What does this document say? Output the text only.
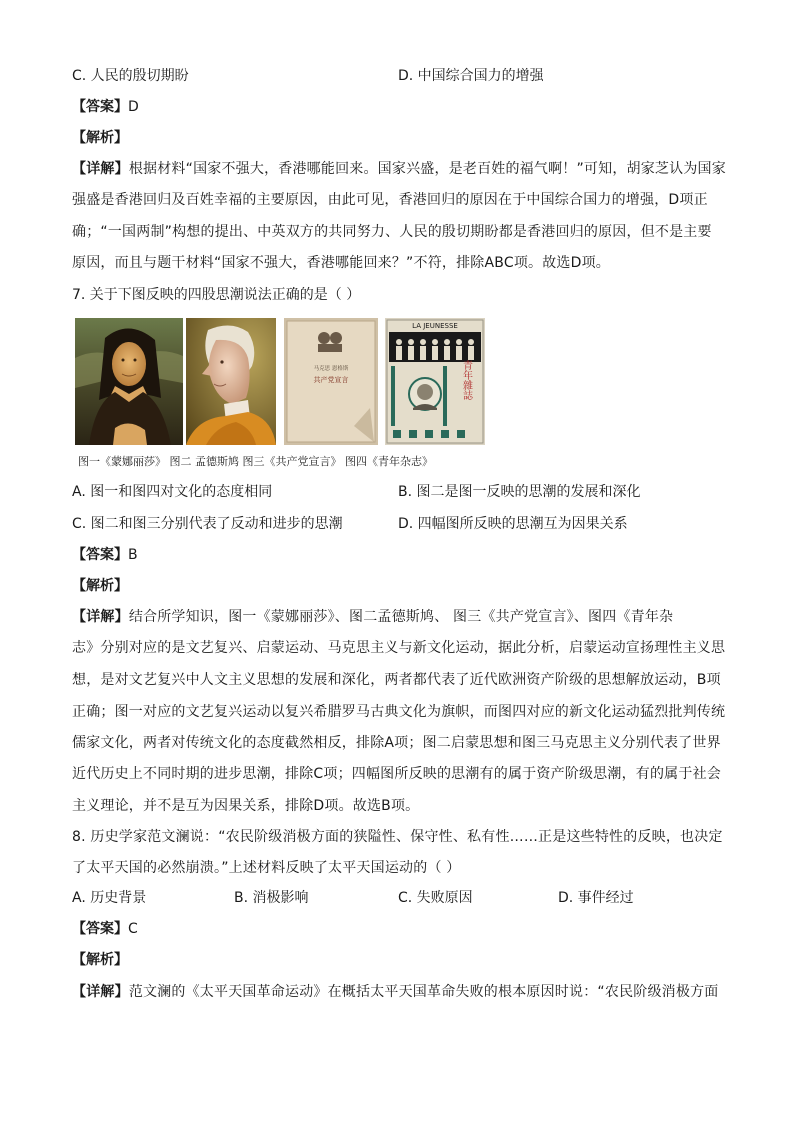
C. 人民的殷切期盼	D. 中国综合国力的增强
【答案】D
【解析】
【详解】根据材料“国家不强大，香港哪能回来。国家兴盛，是老百姓的福气啊！”可知，胡家芝认为国家
强盛是香港回归及百姓幸福的主要原因，由此可见，香港回归的原因在于中国综合国力的增强，D项正
确；“一国两制”构想的提出、中英双方的共同努力、人民的殷切期盼都是香港回归的原因，但不是主要
原因，而且与题干材料“国家不强大，香港哪能回来？”不符，排除ABC项。故选D项。
7. 关于下图反映的四股思潮说法正确的是（ ）
马克思 恩格斯
共产党宣言
LA JEUNESSE
青年雜誌
图一《蒙娜丽莎》 图二 孟德斯鸠 图三《共产党宣言》 图四《青年杂志》
A. 图一和图四对文化的态度相同	B. 图二是图一反映的思潮的发展和深化
C. 图二和图三分别代表了反动和进步的思潮	D. 四幅图所反映的思潮互为因果关系
【答案】B
【解析】
【详解】结合所学知识，图一《蒙娜丽莎》、图二孟德斯鸠、 图三《共产党宣言》、图四《青年杂
志》分别对应的是文艺复兴、启蒙运动、马克思主义与新文化运动，据此分析，启蒙运动宣扬理性主义思
想，是对文艺复兴中人文主义思想的发展和深化，两者都代表了近代欧洲资产阶级的思想解放运动，B项
正确；图一对应的文艺复兴运动以复兴希腊罗马古典文化为旗帜，而图四对应的新文化运动猛烈批判传统
儒家文化，两者对传统文化的态度截然相反，排除A项；图二启蒙思想和图三马克思主义分别代表了世界
近代历史上不同时期的进步思潮，排除C项；四幅图所反映的思潮有的属于资产阶级思潮，有的属于社会
主义理论，并不是互为因果关系，排除D项。故选B项。
8. 历史学家范文澜说：“农民阶级消极方面的狭隘性、保守性、私有性……正是这些特性的反映，也决定
了太平天国的必然崩溃。”上述材料反映了太平天国运动的（ ）
A. 历史背景	B. 消极影响	C. 失败原因	D. 事件经过
【答案】C
【解析】
【详解】范文澜的《太平天国革命运动》在概括太平天国革命失败的根本原因时说：“农民阶级消极方面
